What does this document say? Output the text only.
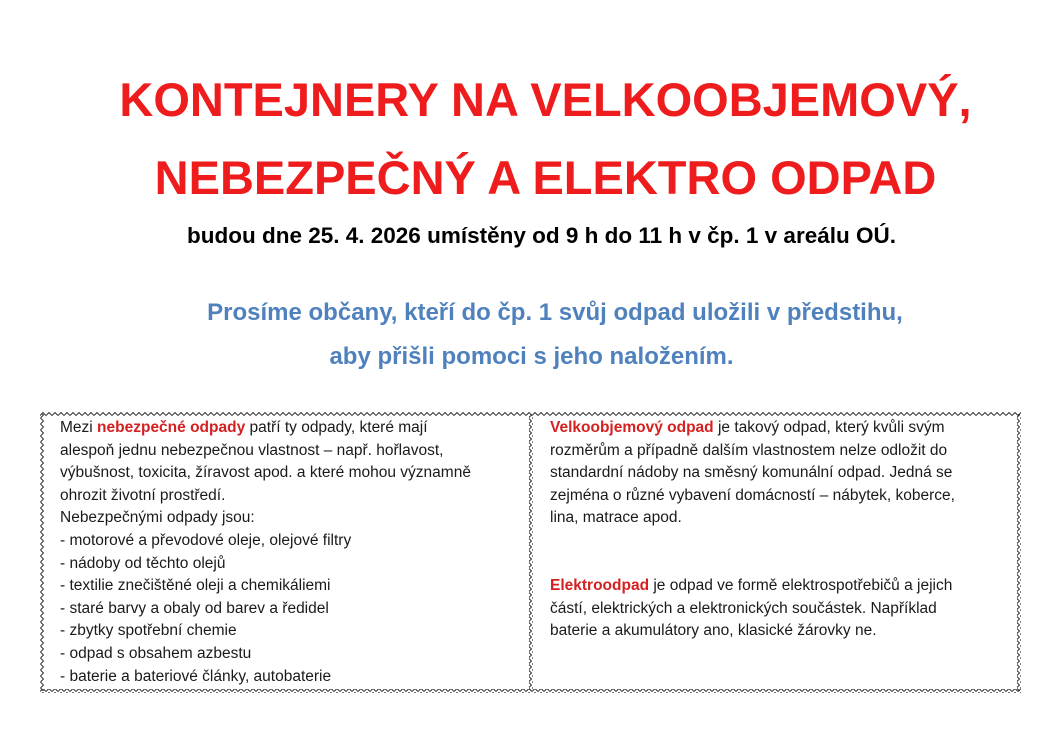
KONTEJNERY NA VELKOOBJEMOVÝ,
NEBEZPEČNÝ A ELEKTRO ODPAD

budou dne 25. 4. 2026 umístěny od 9 h do 11 h v čp. 1 v areálu OÚ.

Prosíme občany, kteří do čp. 1 svůj odpad uložili v předstihu,

aby přišli pomoci s jeho naložením.

Mezi nebezpečné odpady patří ty odpady, které mají
alespoň jednu nebezpečnou vlastnost – např. hořlavost,
výbušnost, toxicita, žíravost apod. a které mohou významně
ohrozit životní prostředí.

Nebezpečnými odpady jsou:

- motorové a převodové oleje, olejové filtry

- nádoby od těchto olejů

- textilie znečištěné oleji a chemikáliemi

- staré barvy a obaly od barev a ředidel

- zbytky spotřební chemie

- odpad s obsahem azbestu

- baterie a bateriové články, autobaterie

Velkoobjemový odpad je takový odpad, který kvůli svým
rozměrům a případně dalším vlastnostem nelze odložit do
standardní nádoby na směsný komunální odpad. Jedná se
zejména o různé vybavení domácností – nábytek, koberce,
lina, matrace apod.

Elektroodpad je odpad ve formě elektrospotřebičů a jejich
částí, elektrických a elektronických součástek. Například
baterie a akumulátory ano, klasické žárovky ne.
